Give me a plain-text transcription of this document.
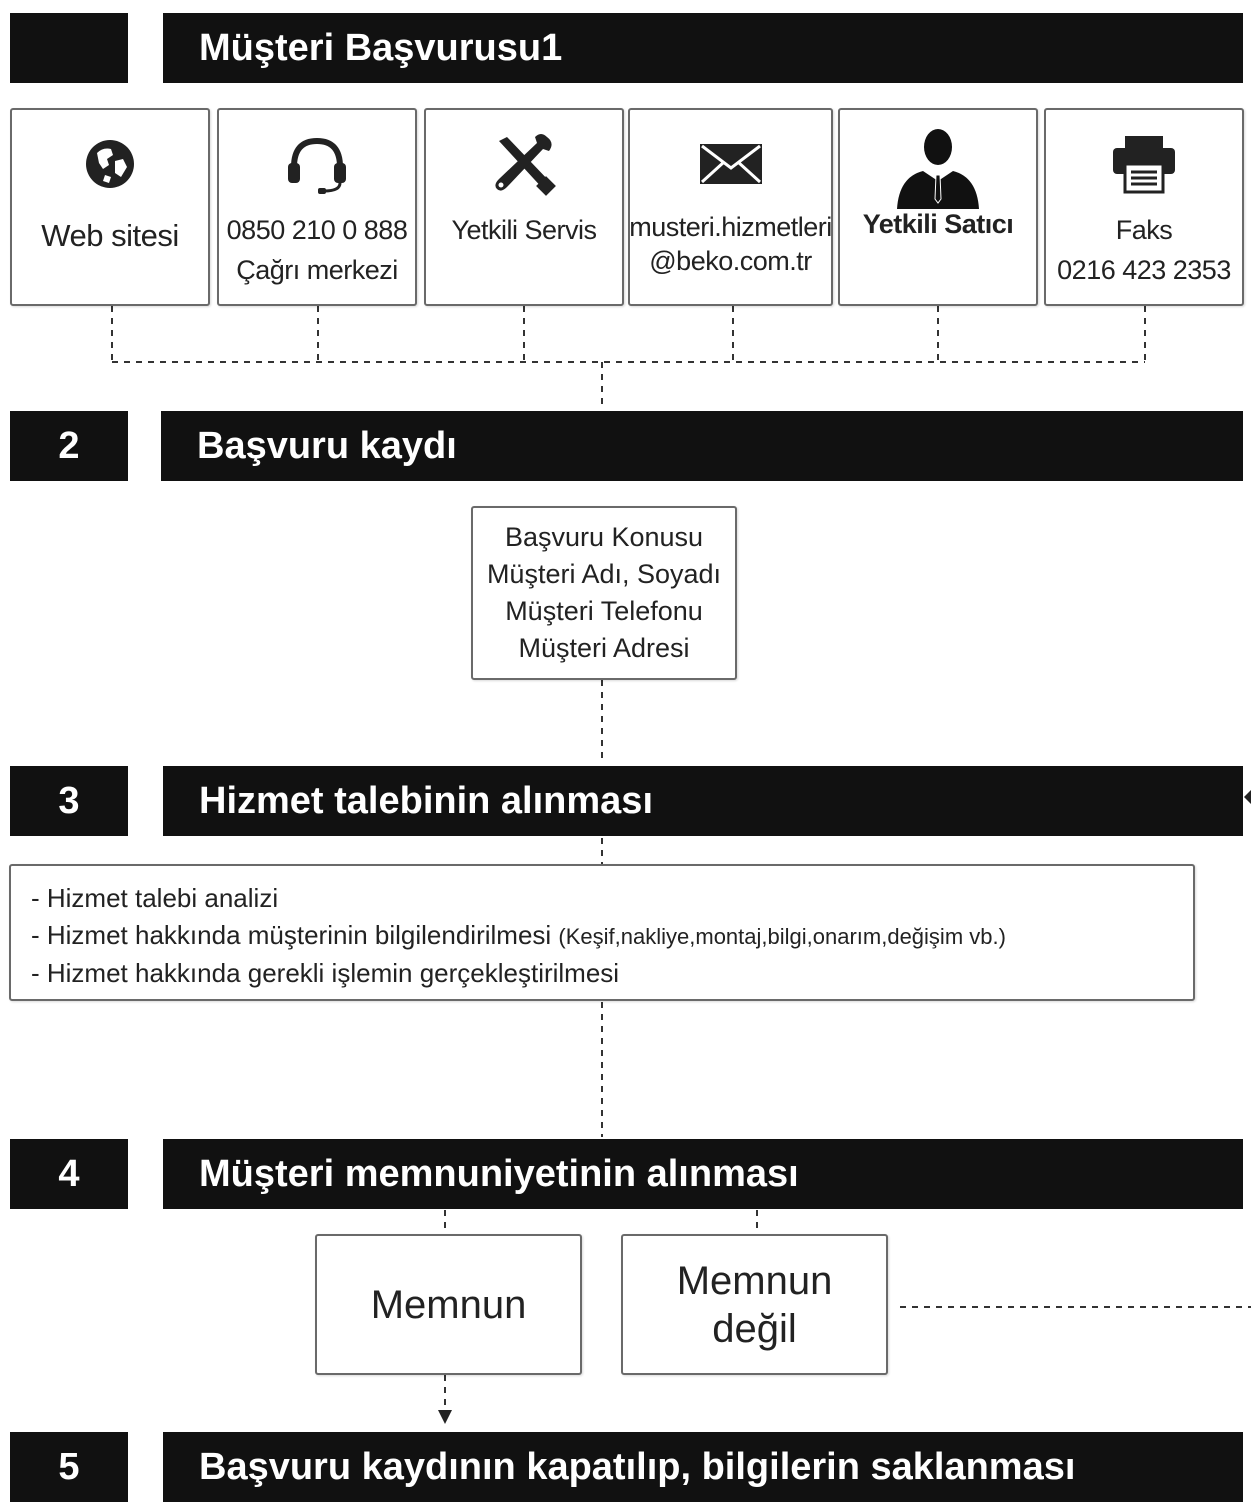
Müşteri Başvurusu1
Web sitesi 0850 210 0 888
Çağrı merkezi
Yetkili Servis musteri.hizmetleri
@beko.com.tr
Yetkili Satıcı	Faks
0216 423 2353
2	Başvuru kaydı
Başvuru Konusu
Müşteri Adı, Soyadı
Müşteri Telefonu
Müşteri Adresi
3	Hizmet talebinin alınması
- Hizmet talebi analizi
- Hizmet hakkında müşterinin bilgilendirilmesi (Keşif,nakliye,montaj,bilgi,onarım,değişim vb.)
- Hizmet hakkında gerekli işlemin gerçekleştirilmesi
4	Müşteri memnuniyetinin alınması
Memnun
Memnun
değil
5	Başvuru kaydının kapatılıp, bilgilerin saklanması
